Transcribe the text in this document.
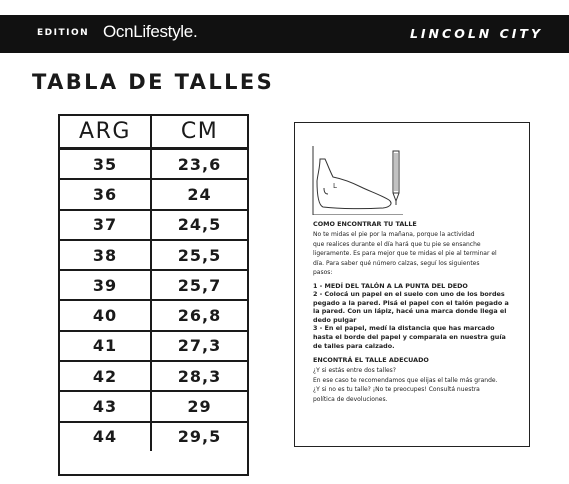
EDITION OcnLifestyle.	LINCOLN CITY
TABLA DE TALLES
ARG	CM
35	23,6
36	24
37	24,5
38	25,5
39	25,7
40	26,8
41	27,3
42	28,3
43	29
44	29,5
L
COMO ENCONTRAR TU TALLE
No te midas el pie por la mañana, porque la actividad
que realices durante el día hará que tu pie se ensanche
ligeramente. Es para mejor que te midas el pie al terminar el
día. Para saber qué número calzas, seguí los siguientes
pasos:
1 - MEDÍ DEL TALÓN A LA PUNTA DEL DEDO
2 - Colocá un papel en el suelo con uno de los bordes
pegado a la pared. Pisá el papel con el talón pegado a
la pared. Con un lápiz, hacé una marca donde llega el
dedo pulgar
3 - En el papel, medí la distancia que has marcado
hasta el borde del papel y comparala en nuestra guía
de talles para calzado.
ENCONTRÁ EL TALLE ADECUADO
¿Y si estás entre dos talles?
En ese caso te recomendamos que elijas el talle más grande.
¿Y si no es tu talle? ¡No te preocupes! Consultá nuestra
política de devoluciones.
